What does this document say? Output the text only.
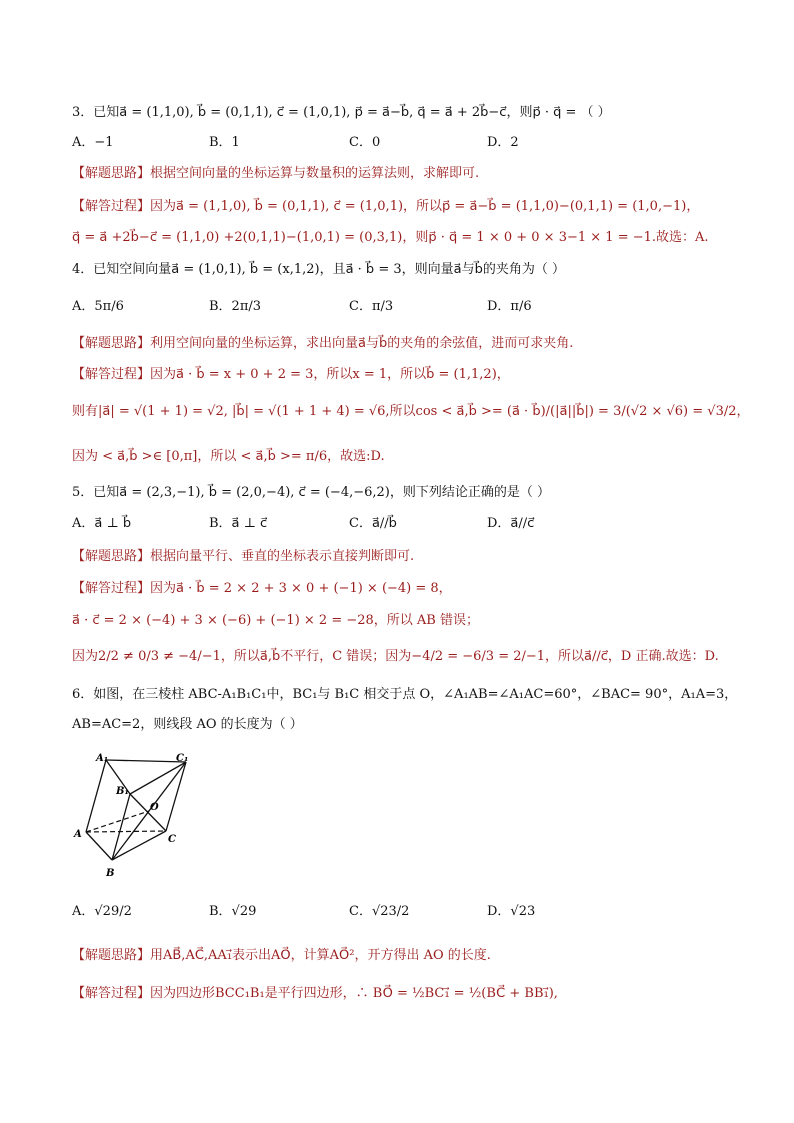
3．已知a⃗ = (1,1,0), b⃗ = (0,1,1), c⃗ = (1,0,1), p⃗ = a⃗−b⃗, q⃗ = a⃗ + 2b⃗−c⃗，则p⃗ · q⃗ = （ ）
A．−1	B．1	C．0	D．2
【解题思路】根据空间向量的坐标运算与数量积的运算法则，求解即可.
【解答过程】因为a⃗ = (1,1,0), b⃗ = (0,1,1), c⃗ = (1,0,1)，所以p⃗ = a⃗−b⃗ = (1,1,0)−(0,1,1) = (1,0,−1)，
q⃗ = a⃗ +2b⃗−c⃗ = (1,1,0) +2(0,1,1)−(1,0,1) = (0,3,1)，则p⃗ · q⃗ = 1 × 0 + 0 × 3−1 × 1 = −1.故选：A.
4．已知空间向量a⃗ = (1,0,1), b⃗ = (x,1,2)，且a⃗ · b⃗ = 3，则向量a⃗与b⃗的夹角为（ ）
A．5π/6	B．2π/3	C．π/3	D．π/6
【解题思路】利用空间向量的坐标运算，求出向量a⃗与b⃗的夹角的余弦值，进而可求夹角.
【解答过程】因为a⃗ · b⃗ = x + 0 + 2 = 3，所以x = 1，所以b⃗ = (1,1,2)，
则有|a⃗| = √(1 + 1) = √2, |b⃗| = √(1 + 1 + 4) = √6,所以cos < a⃗,b⃗ >= (a⃗ · b⃗)/(|a⃗||b⃗|) = 3/(√2 × √6) = √3/2，
因为 < a⃗,b⃗ >∈ [0,π]，所以 < a⃗,b⃗ >= π/6，故选:D.
5．已知a⃗ = (2,3,−1), b⃗ = (2,0,−4), c⃗ = (−4,−6,2)，则下列结论正确的是（ ）
A．a⃗ ⊥ b⃗	B．a⃗ ⊥ c⃗	C．a⃗//b⃗	D．a⃗//c⃗
【解题思路】根据向量平行、垂直的坐标表示直接判断即可.
【解答过程】因为a⃗ · b⃗ = 2 × 2 + 3 × 0 + (−1) × (−4) = 8，
a⃗ · c⃗ = 2 × (−4) + 3 × (−6) + (−1) × 2 = −28，所以 AB 错误；
因为2/2 ≠ 0/3 ≠ −4/−1，所以a⃗,b⃗不平行，C 错误；因为−4/2 = −6/3 = 2/−1，所以a⃗//c⃗，D 正确.故选：D.
6．如图，在三棱柱 ABC-A₁B₁C₁中，BC₁与 B₁C 相交于点 O，∠A₁AB=∠A₁AC=60°，∠BAC= 90°，A₁A=3，
AB=AC=2，则线段 AO 的长度为（ ）
A₁	C₁
B₁
O
A	C
B
A．√29/2	B．√29	C．√23/2	D．√23
【解题思路】用AB⃗,AC⃗,AA₁⃗表示出AO⃗，计算AO⃗²，开方得出 AO 的长度.
【解答过程】因为四边形BCC₁B₁是平行四边形，∴ BO⃗ = ½BC₁⃗ = ½(BC⃗ + BB₁⃗),
